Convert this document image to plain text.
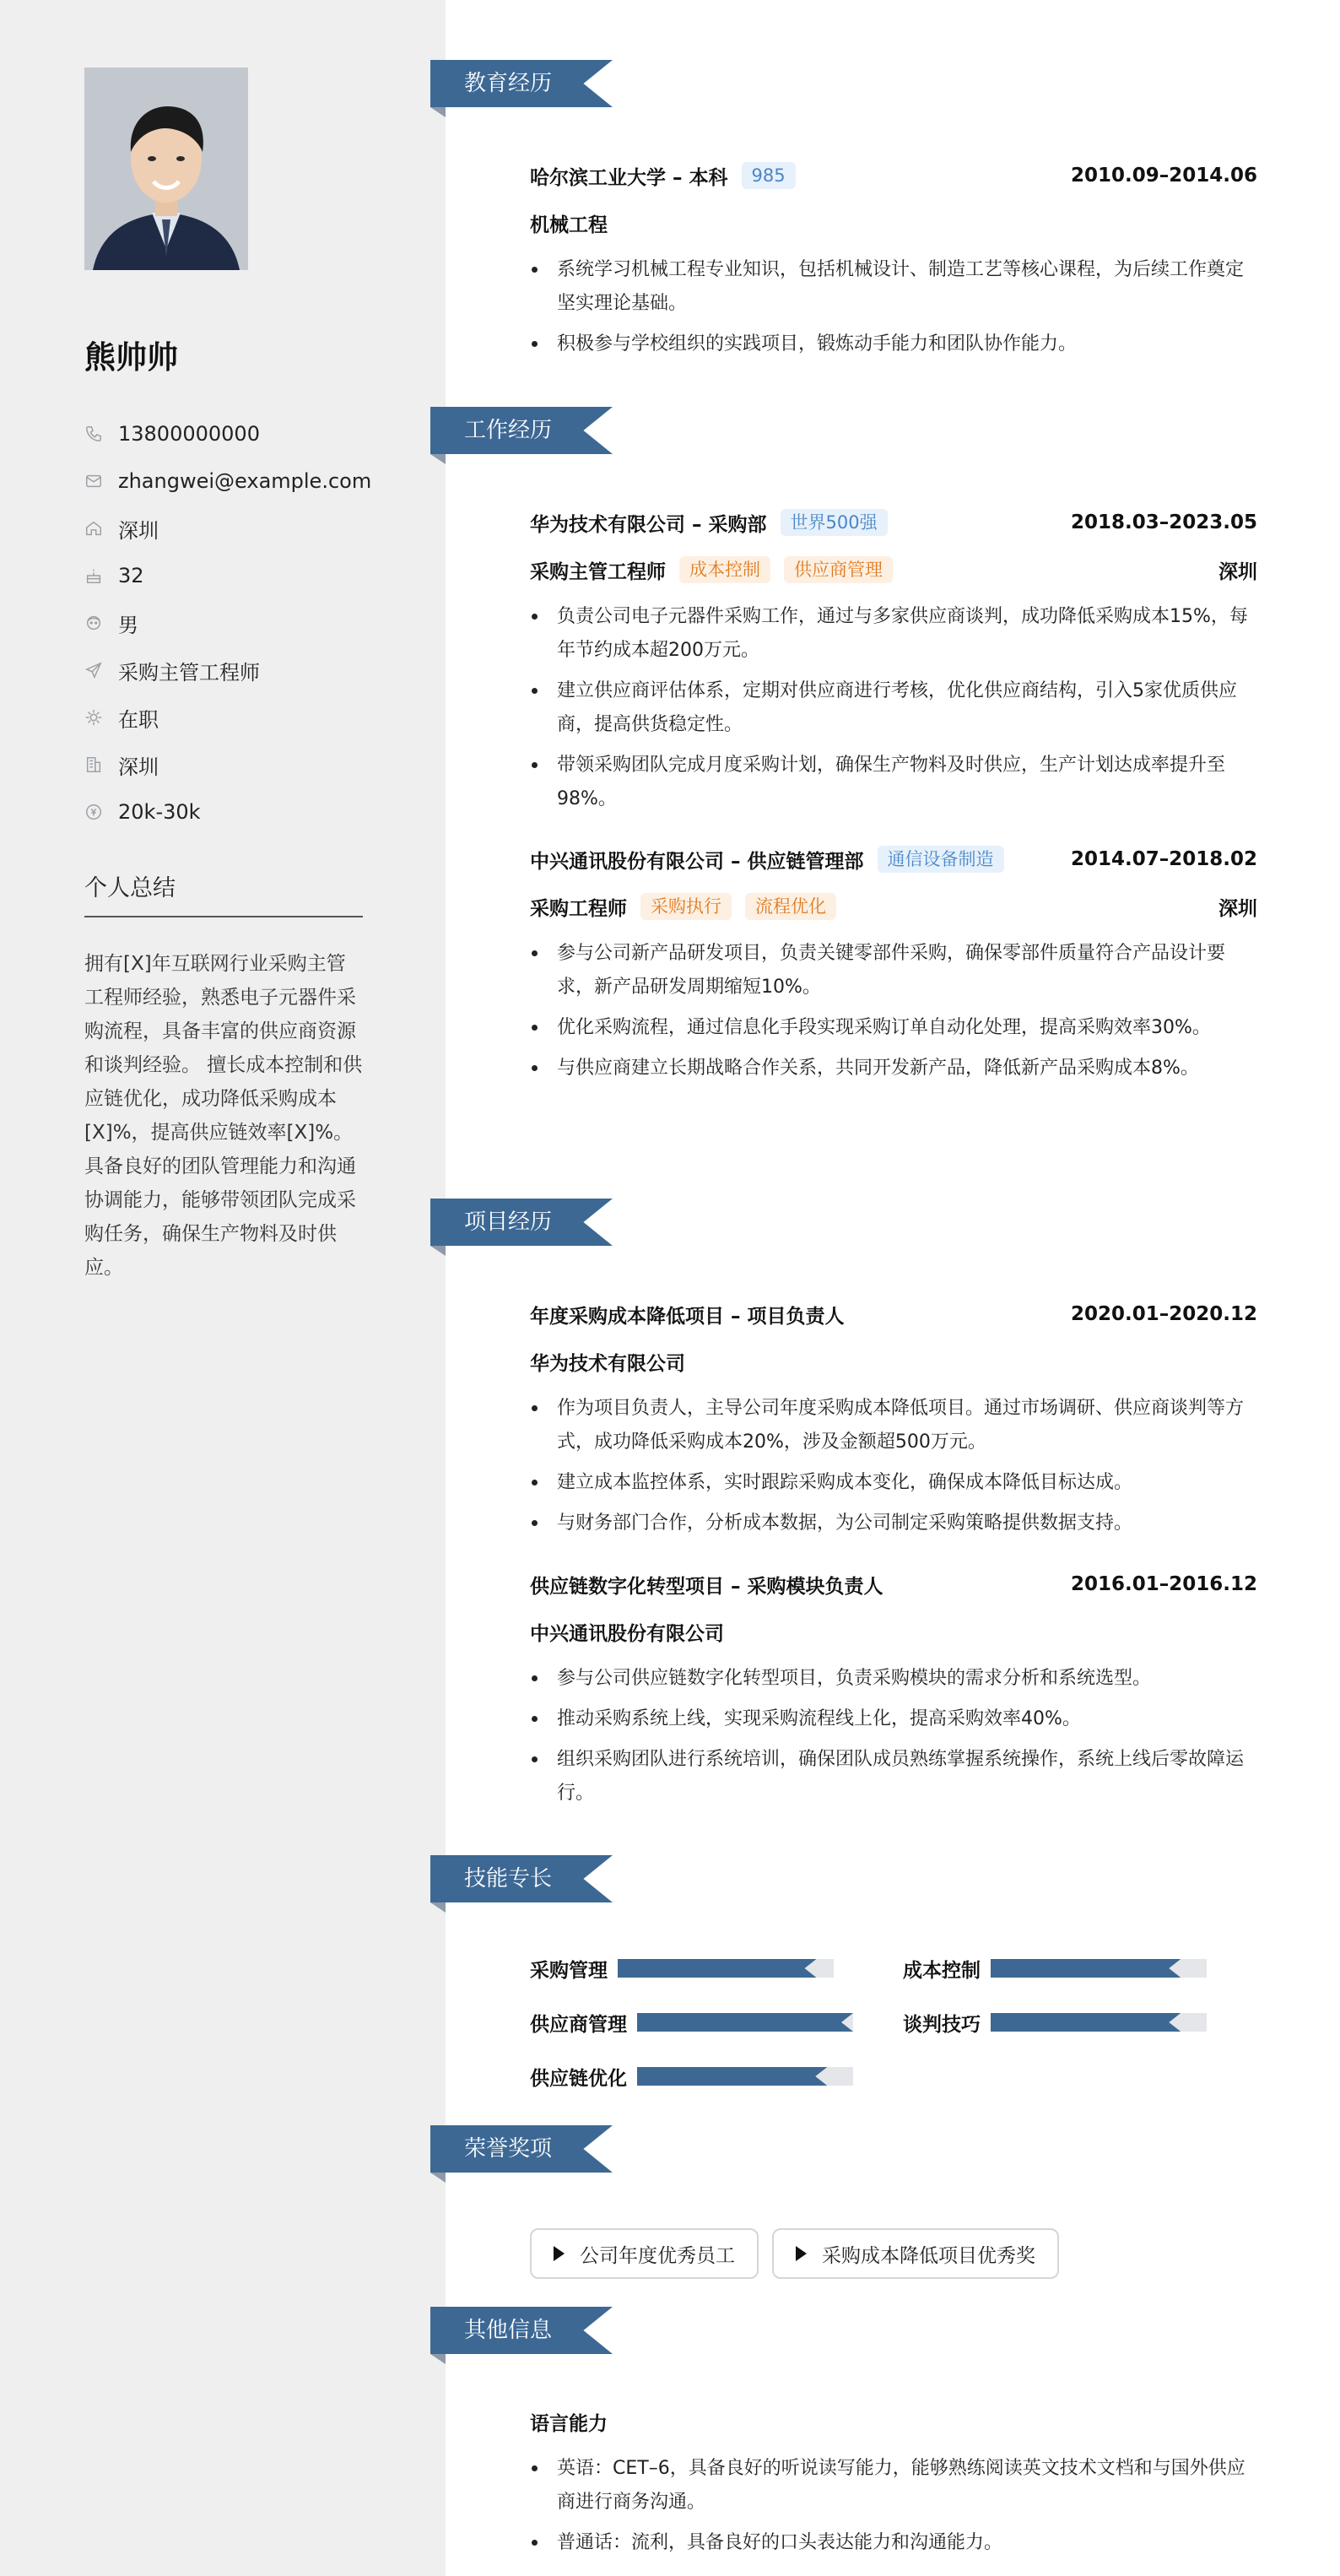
熊帅帅
13800000000
zhangwei@example.com
深圳
32
男
采购主管工程师
在职
深圳
20k-30k
个人总结
拥有[X]年互联网行业采购主管工程师经验，熟悉电子元器件采购流程，具备丰富的供应商资源和谈判经验。 擅长成本控制和供应链优化，成功降低采购成本[X]%，提高供应链效率[X]%。 具备良好的团队管理能力和沟通协调能力，能够带领团队完成采购任务，确保生产物料及时供应。
教育经历
哈尔滨工业大学 – 本科	985	2010.09–2014.06
机械工程
系统学习机械工程专业知识，包括机械设计、制造工艺等核心课程，为后续工作奠定坚实理论基础。
积极参与学校组织的实践项目，锻炼动手能力和团队协作能力。
工作经历
华为技术有限公司 – 采购部	世界500强	2018.03–2023.05
采购主管工程师	成本控制	供应商管理	深圳
负责公司电子元器件采购工作，通过与多家供应商谈判，成功降低采购成本15%，每年节约成本超200万元。
建立供应商评估体系，定期对供应商进行考核，优化供应商结构，引入5家优质供应商，提高供货稳定性。
带领采购团队完成月度采购计划，确保生产物料及时供应，生产计划达成率提升至98%。
中兴通讯股份有限公司 – 供应链管理部	通信设备制造	2014.07–2018.02
采购工程师	采购执行	流程优化	深圳
参与公司新产品研发项目，负责关键零部件采购，确保零部件质量符合产品设计要求，新产品研发周期缩短10%。
优化采购流程，通过信息化手段实现采购订单自动化处理，提高采购效率30%。
与供应商建立长期战略合作关系，共同开发新产品，降低新产品采购成本8%。
项目经历
年度采购成本降低项目 – 项目负责人	2020.01–2020.12
华为技术有限公司
作为项目负责人，主导公司年度采购成本降低项目。通过市场调研、供应商谈判等方式，成功降低采购成本20%，涉及金额超500万元。
建立成本监控体系，实时跟踪采购成本变化，确保成本降低目标达成。
与财务部门合作，分析成本数据，为公司制定采购策略提供数据支持。
供应链数字化转型项目 – 采购模块负责人	2016.01–2016.12
中兴通讯股份有限公司
参与公司供应链数字化转型项目，负责采购模块的需求分析和系统选型。
推动采购系统上线，实现采购流程线上化，提高采购效率40%。
组织采购团队进行系统培训，确保团队成员熟练掌握系统操作，系统上线后零故障运行。
技能专长
采购管理	成本控制
供应商管理	谈判技巧
供应链优化
荣誉奖项
公司年度优秀员工	采购成本降低项目优秀奖
其他信息
语言能力
英语：CET–6，具备良好的听说读写能力，能够熟练阅读英文技术文档和与国外供应商进行商务沟通。
普通话：流利，具备良好的口头表达能力和沟通能力。
